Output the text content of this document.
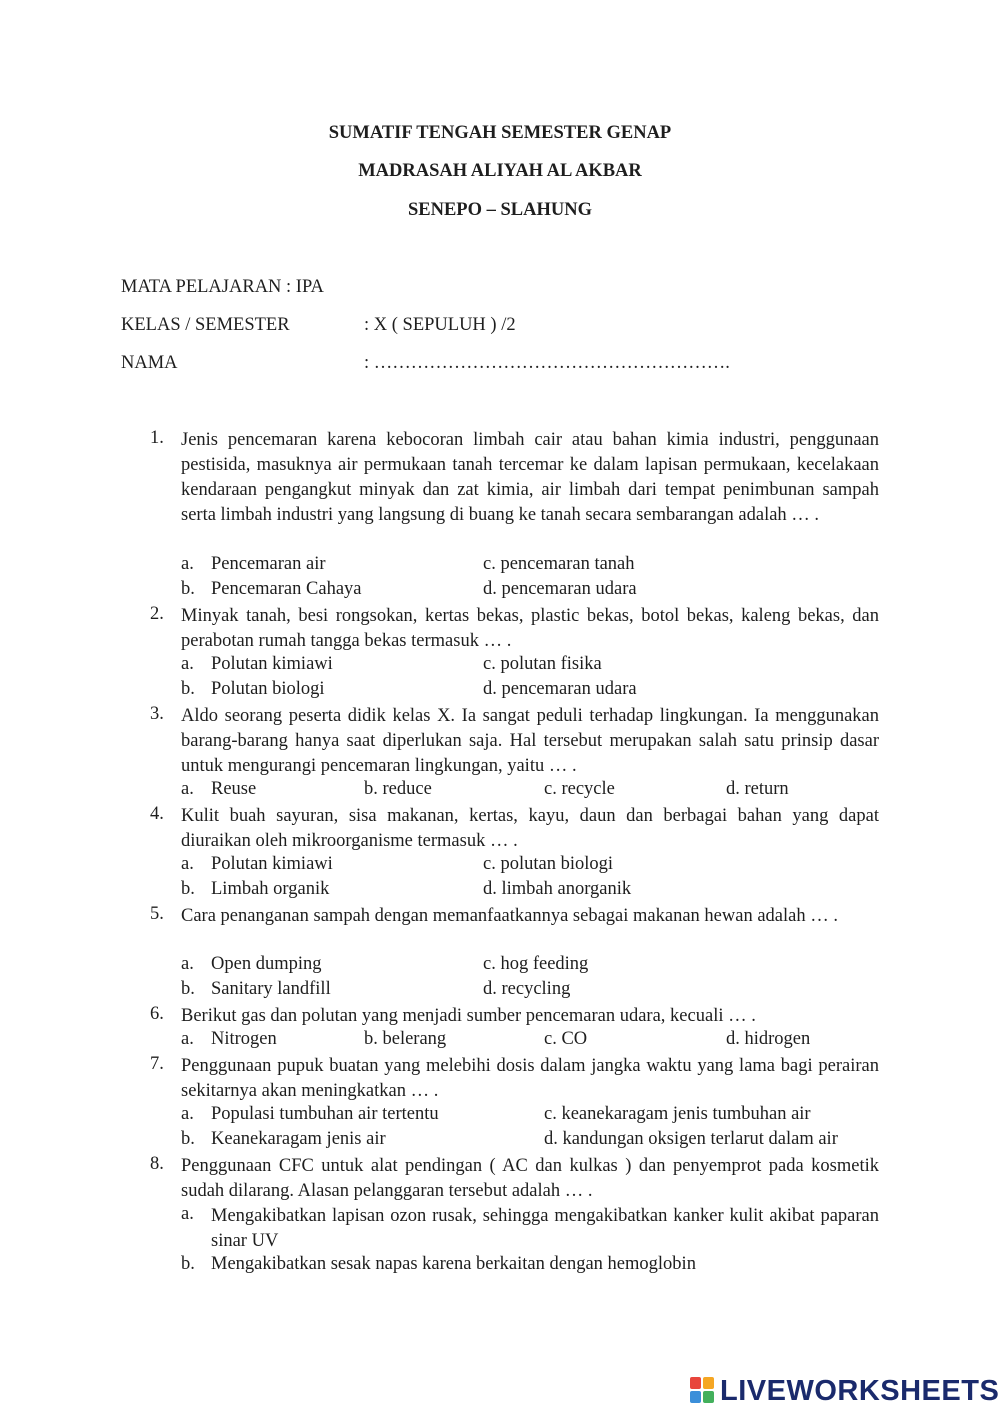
SUMATIF TENGAH SEMESTER GENAP
MADRASAH ALIYAH AL AKBAR
SENEPO – SLAHUNG
MATA PELAJARAN : IPA
KELAS / SEMESTER	: X ( SEPULUH ) /2
NAMA	: ………………………………………………….
1. Jenis pencemaran karena kebocoran limbah cair atau bahan kimia industri, penggunaan pestisida, masuknya air permukaan tanah tercemar ke dalam lapisan permukaan, kecelakaan kendaraan pengangkut minyak dan zat kimia, air limbah dari tempat penimbunan sampah serta limbah industri yang langsung di buang ke tanah secara sembarangan adalah … .
a. Pencemaran air	c. pencemaran tanah
b. Pencemaran Cahaya	d. pencemaran udara
2. Minyak tanah, besi rongsokan, kertas bekas, plastic bekas, botol bekas, kaleng bekas, dan perabotan rumah tangga bekas termasuk … .
a. Polutan kimiawi	c. polutan fisika
b. Polutan biologi	d. pencemaran udara
3. Aldo seorang peserta didik kelas X. Ia sangat peduli terhadap lingkungan. Ia menggunakan barang-barang hanya saat diperlukan saja. Hal tersebut merupakan salah satu prinsip dasar untuk mengurangi pencemaran lingkungan, yaitu … .
a. Reuse	b. reduce	c. recycle	d. return
4. Kulit buah sayuran, sisa makanan, kertas, kayu, daun dan berbagai bahan yang dapat diuraikan oleh mikroorganisme termasuk … .
a. Polutan kimiawi	c. polutan biologi
b. Limbah organik	d. limbah anorganik
5. Cara penanganan sampah dengan memanfaatkannya sebagai makanan hewan adalah … .
a. Open dumping	c. hog feeding
b. Sanitary landfill	d. recycling
6. Berikut gas dan polutan yang menjadi sumber pencemaran udara, kecuali … .
a. Nitrogen	b. belerang	c. CO	d. hidrogen
7. Penggunaan pupuk buatan yang melebihi dosis dalam jangka waktu yang lama bagi perairan sekitarnya akan meningkatkan … .
a. Populasi tumbuhan air tertentu	c. keanekaragam jenis tumbuhan air
b. Keanekaragam jenis air	d. kandungan oksigen terlarut dalam air
8. Penggunaan CFC untuk alat pendingan ( AC dan kulkas ) dan penyemprot pada kosmetik sudah dilarang. Alasan pelanggaran tersebut adalah … .
a. Mengakibatkan lapisan ozon rusak, sehingga mengakibatkan kanker kulit akibat paparan sinar UV
b. Mengakibatkan sesak napas karena berkaitan dengan hemoglobin
LIVEWORKSHEETS
